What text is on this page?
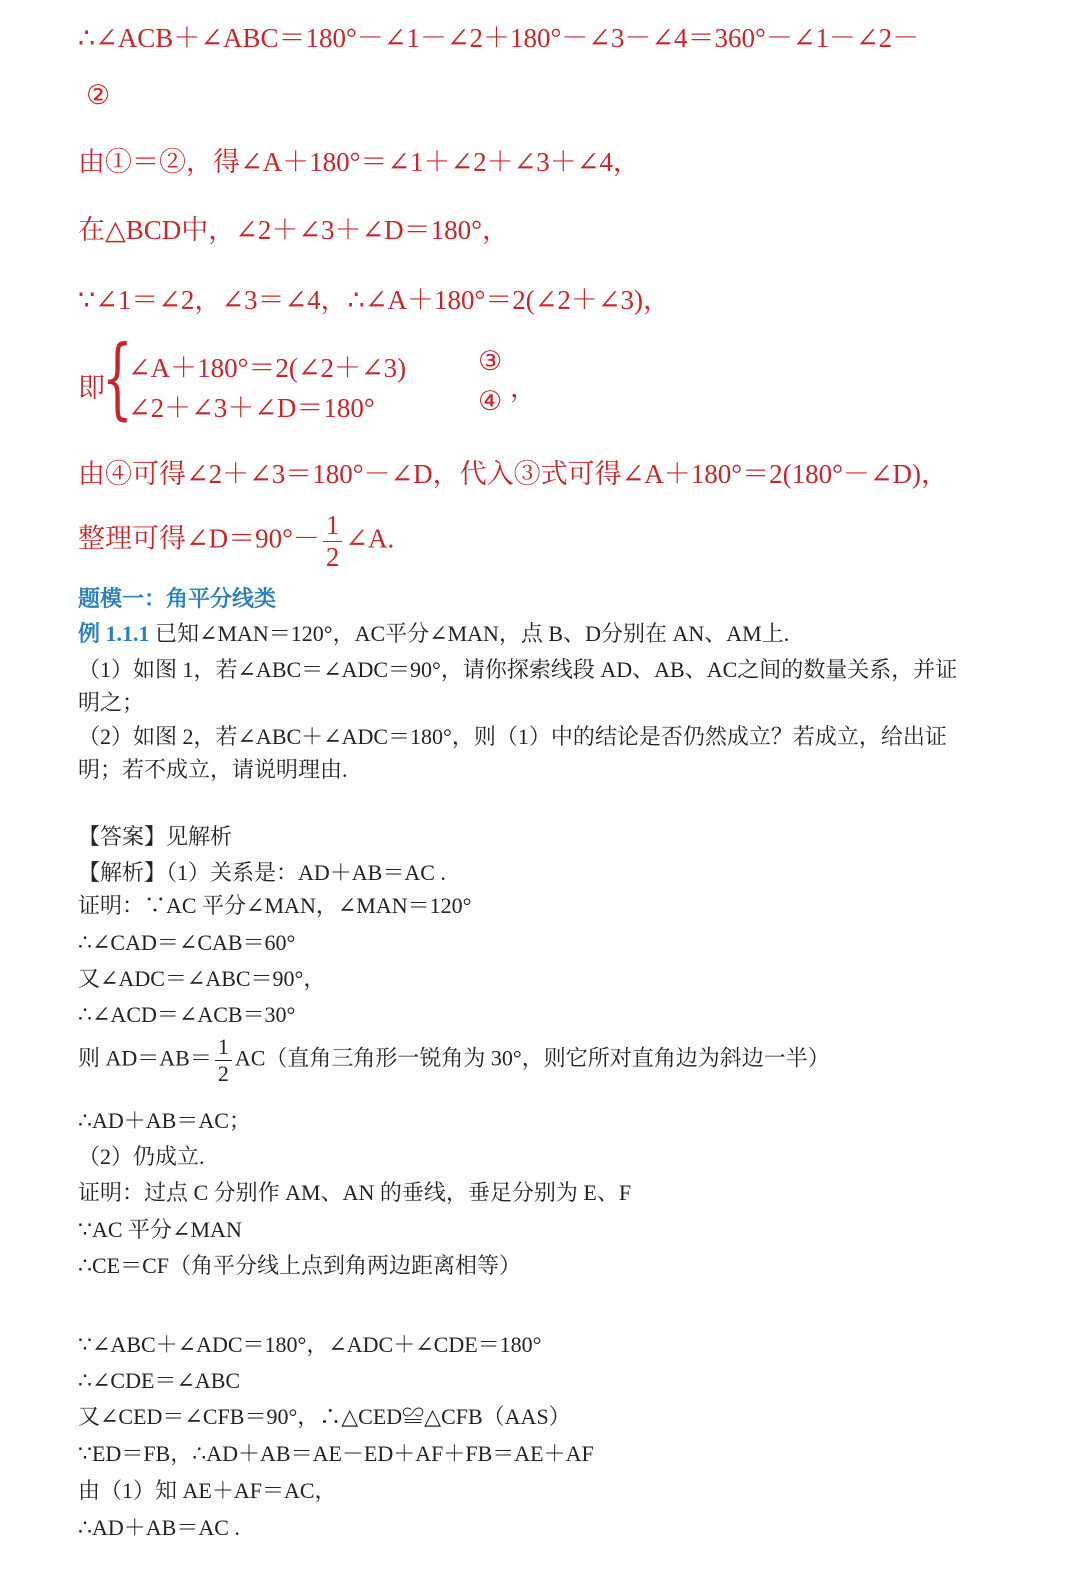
∴∠ACB＋∠ABC＝180°－∠1－∠2＋180°－∠3－∠4＝360°－∠1－∠2－
②
由①＝②，得∠A＋180°＝∠1＋∠2＋∠3＋∠4，
在△BCD中，∠2＋∠3＋∠D＝180°，
∵∠1＝∠2，∠3＝∠4，∴∠A＋180°＝2(∠2＋∠3)，
即
{
∠A＋180°＝2(∠2＋∠3)	③
∠2＋∠3＋∠D＝180°	④ ，
由④可得∠2＋∠3＝180°－∠D，代入③式可得∠A＋180°＝2(180°－∠D)，
整理可得∠D＝90°－ $\frac{1}{2}$ ∠A.
题模一：角平分线类
例 1.1.1 已知∠MAN＝120°，AC平分∠MAN，点 B、D分别在 AN、AM上.
（1）如图 1，若∠ABC＝∠ADC＝90°，请你探索线段 AD、AB、AC之间的数量关系，并证
明之；
（2）如图 2，若∠ABC＋∠ADC＝180°，则（1）中的结论是否仍然成立？若成立，给出证
明；若不成立，请说明理由.
【答案】见解析
【解析】（1）关系是：AD＋AB＝AC .
证明：∵AC 平分∠MAN，∠MAN＝120°
∴∠CAD＝∠CAB＝60°
又∠ADC＝∠ABC＝90°，
∴∠ACD＝∠ACB＝30°
则 $AD=AB= \frac{1}{2} AC$（直角三角形一锐角为 30°，则它所对直角边为斜边一半）
∴AD＋AB＝AC；
（2）仍成立.
证明：过点 C 分别作 AM、AN 的垂线，垂足分别为 E、F
∵AC 平分∠MAN
∴CE＝CF（角平分线上点到角两边距离相等）
∵∠ABC＋∠ADC＝180°，∠ADC＋∠CDE＝180°
∴∠CDE＝∠ABC
又∠CED＝∠CFB＝90°，∴△CED≌△CFB（AAS）
∵ED＝FB，∴AD＋AB＝AE－ED＋AF＋FB＝AE＋AF
由（1）知 AE＋AF＝AC，
∴AD＋AB＝AC .
